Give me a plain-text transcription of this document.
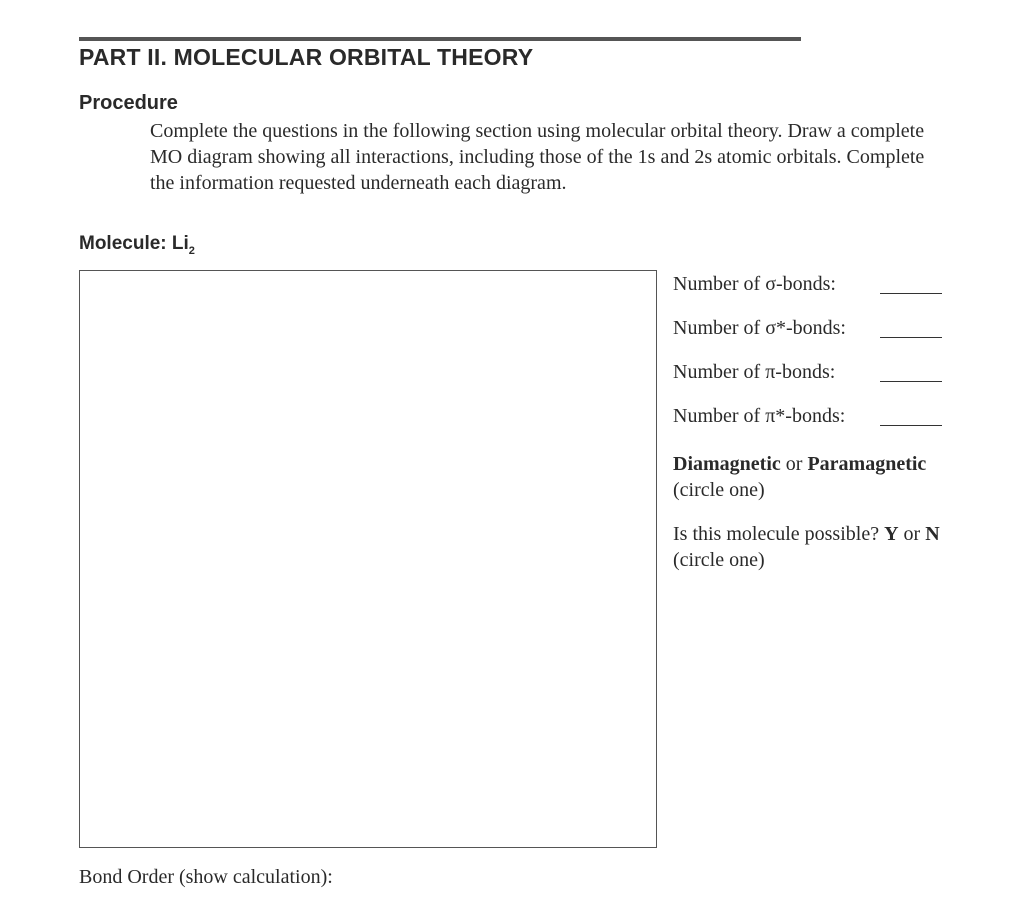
PART II. MOLECULAR ORBITAL THEORY
Procedure

Complete the questions in the following section using molecular orbital theory. Draw a complete MO diagram showing all interactions, including those of the 1s and 2s atomic orbitals. Complete the information requested underneath each diagram.

Molecule: $Li_2$
Number of σ-bonds:
Number of σ*-bonds:
Number of π-bonds:
Number of π*-bonds:
Diamagnetic or Paramagnetic
(circle one)
Is this molecule possible? Y or N
(circle one)
Bond Order (show calculation):
